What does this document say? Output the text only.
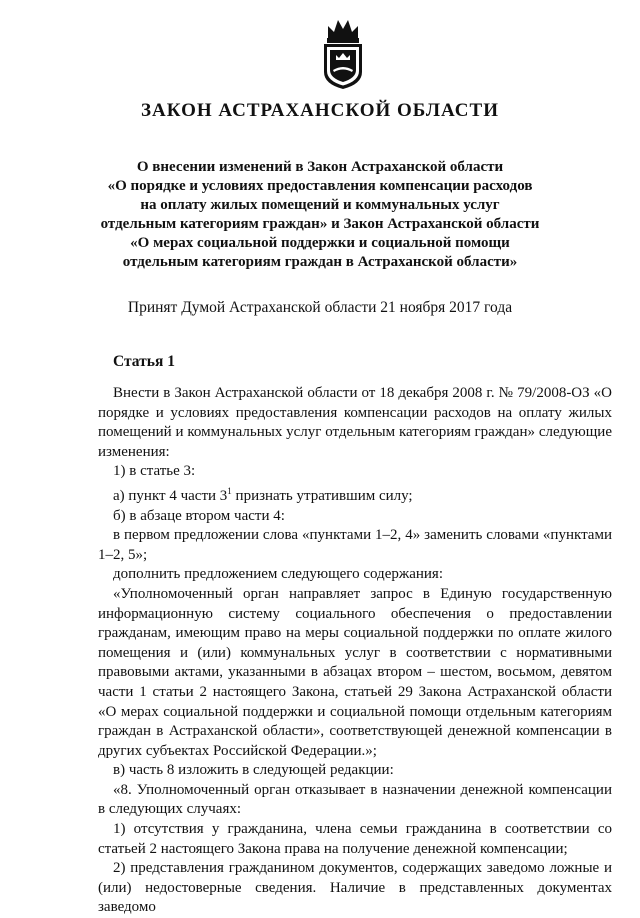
ЗАКОН АСТРАХАНСКОЙ ОБЛАСТИ
О внесении изменений в Закон Астраханской области
«О порядке и условиях предоставления компенсации расходов
на оплату жилых помещений и коммунальных услуг
отдельным категориям граждан» и Закон Астраханской области
«О мерах социальной поддержки и социальной помощи
отдельным категориям граждан в Астраханской области»

Принят Думой Астраханской области 21 ноября 2017 года

Статья 1

Внести в Закон Астраханской области от 18 декабря 2008 г. № 79/2008-ОЗ «О порядке и условиях предоставления компенсации расходов на оплату жилых помещений и коммунальных услуг отдельным категориям граждан» следующие изменения:

1) в статье 3:

а) пункт 4 части $3^1$ признать утратившим силу;

б) в абзаце втором части 4:

в первом предложении слова «пунктами 1–2, 4» заменить словами «пунктами 1–2, 5»;

дополнить предложением следующего содержания:

«Уполномоченный орган направляет запрос в Единую государственную информационную систему социального обеспечения о предоставлении гражданам, имеющим право на меры социальной поддержки по оплате жилого помещения и (или) коммунальных услуг в соответствии с нормативными правовыми актами, указанными в абзацах втором – шестом, восьмом, девятом части 1 статьи 2 настоящего Закона, статьей 29 Закона Астраханской области «О мерах социальной поддержки и социальной помощи отдельным категориям граждан в Астраханской области», соответствующей денежной компенсации в других субъектах Российской Федерации.»;

в) часть 8 изложить в следующей редакции:

«8. Уполномоченный орган отказывает в назначении денежной компенсации в следующих случаях:

1) отсутствия у гражданина, члена семьи гражданина в соответствии со статьей 2 настоящего Закона права на получение денежной компенсации;

2) представления гражданином документов, содержащих заведомо ложные и (или) недостоверные сведения. Наличие в представленных документах заведомо
